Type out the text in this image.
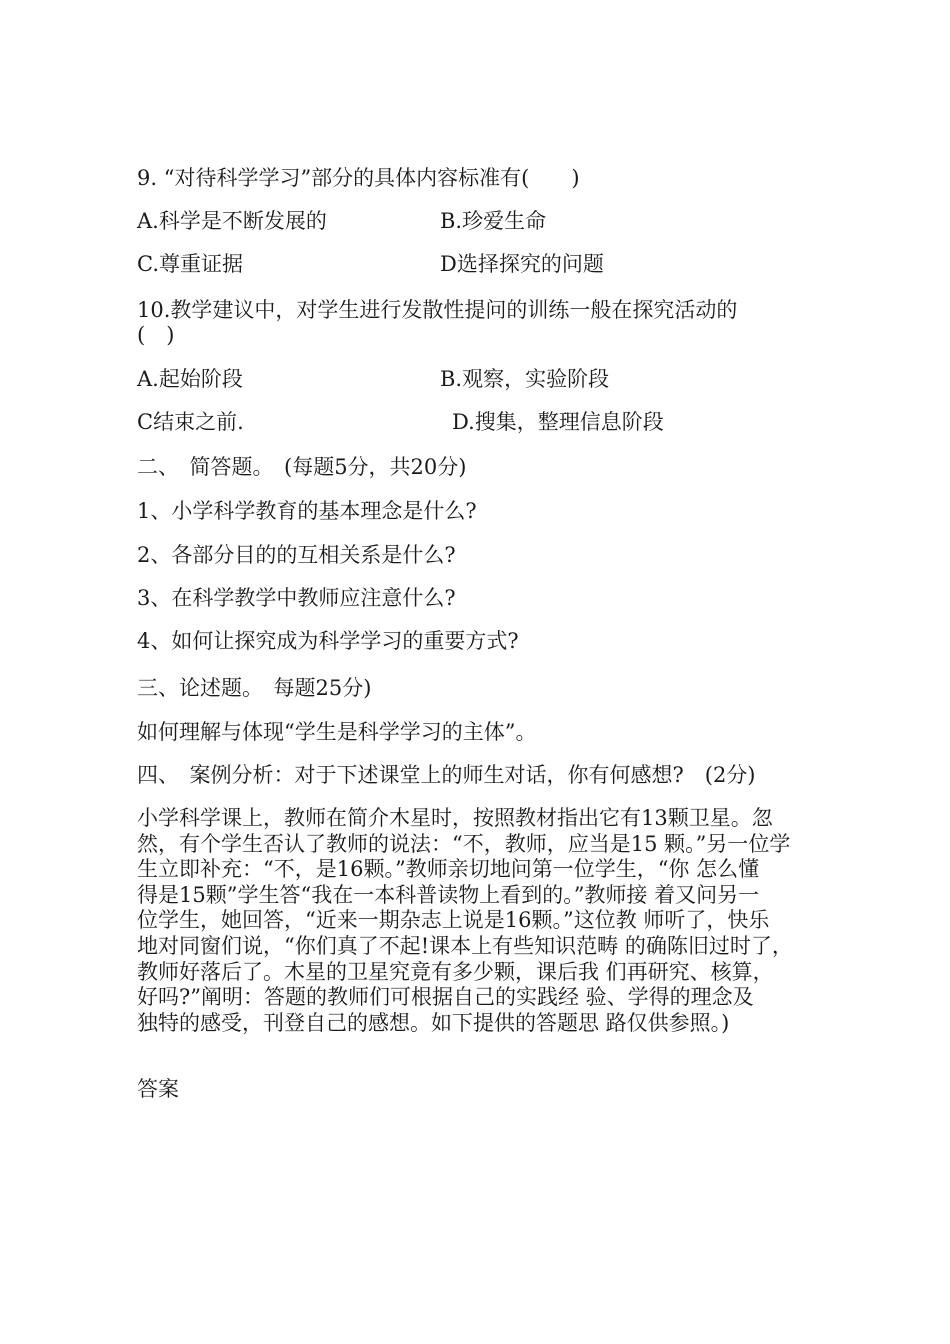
9. “对待科学学习”部分的具体内容标准有(　　)
A.科学是不断发展的	B.珍爱生命
C.尊重证据	D选择探究的问题
10.教学建议中，对学生进行发散性提问的训练一般在探究活动的
(　)
A.起始阶段	B.观察，实验阶段
C结束之前.	D.搜集，整理信息阶段
二、　简答题。　(每题5分，共20分)
1、小学科学教育的基本理念是什么?
2、各部分目的的互相关系是什么?
3、在科学教学中教师应注意什么?
4、如何让探究成为科学学习的重要方式?
三、论述题。　每题25分)
如何理解与体现“学生是科学学习的主体”。
四、　案例分析：对于下述课堂上的师生对话，你有何感想?　(2分)
小学科学课上，教师在简介木星时，按照教材指出它有13颗卫星。忽
然，有个学生否认了教师的说法：“不，教师，应当是15 颗。”另一位学
生立即补充：“不，是16颗。”教师亲切地问第一位学生，“你 怎么懂
得是15颗”学生答“我在一本科普读物上看到的。”教师接 着又问另一
位学生，她回答，“近来一期杂志上说是16颗。”这位教 师听了，快乐
地对同窗们说，“你们真了不起!课本上有些知识范畴 的确陈旧过时了，
教师好落后了。木星的卫星究竟有多少颗，课后我 们再研究、核算，
好吗?”阐明：答题的教师们可根据自己的实践经 验、学得的理念及
独特的感受，刊登自己的感想。如下提供的答题思 路仅供参照。)
答案
